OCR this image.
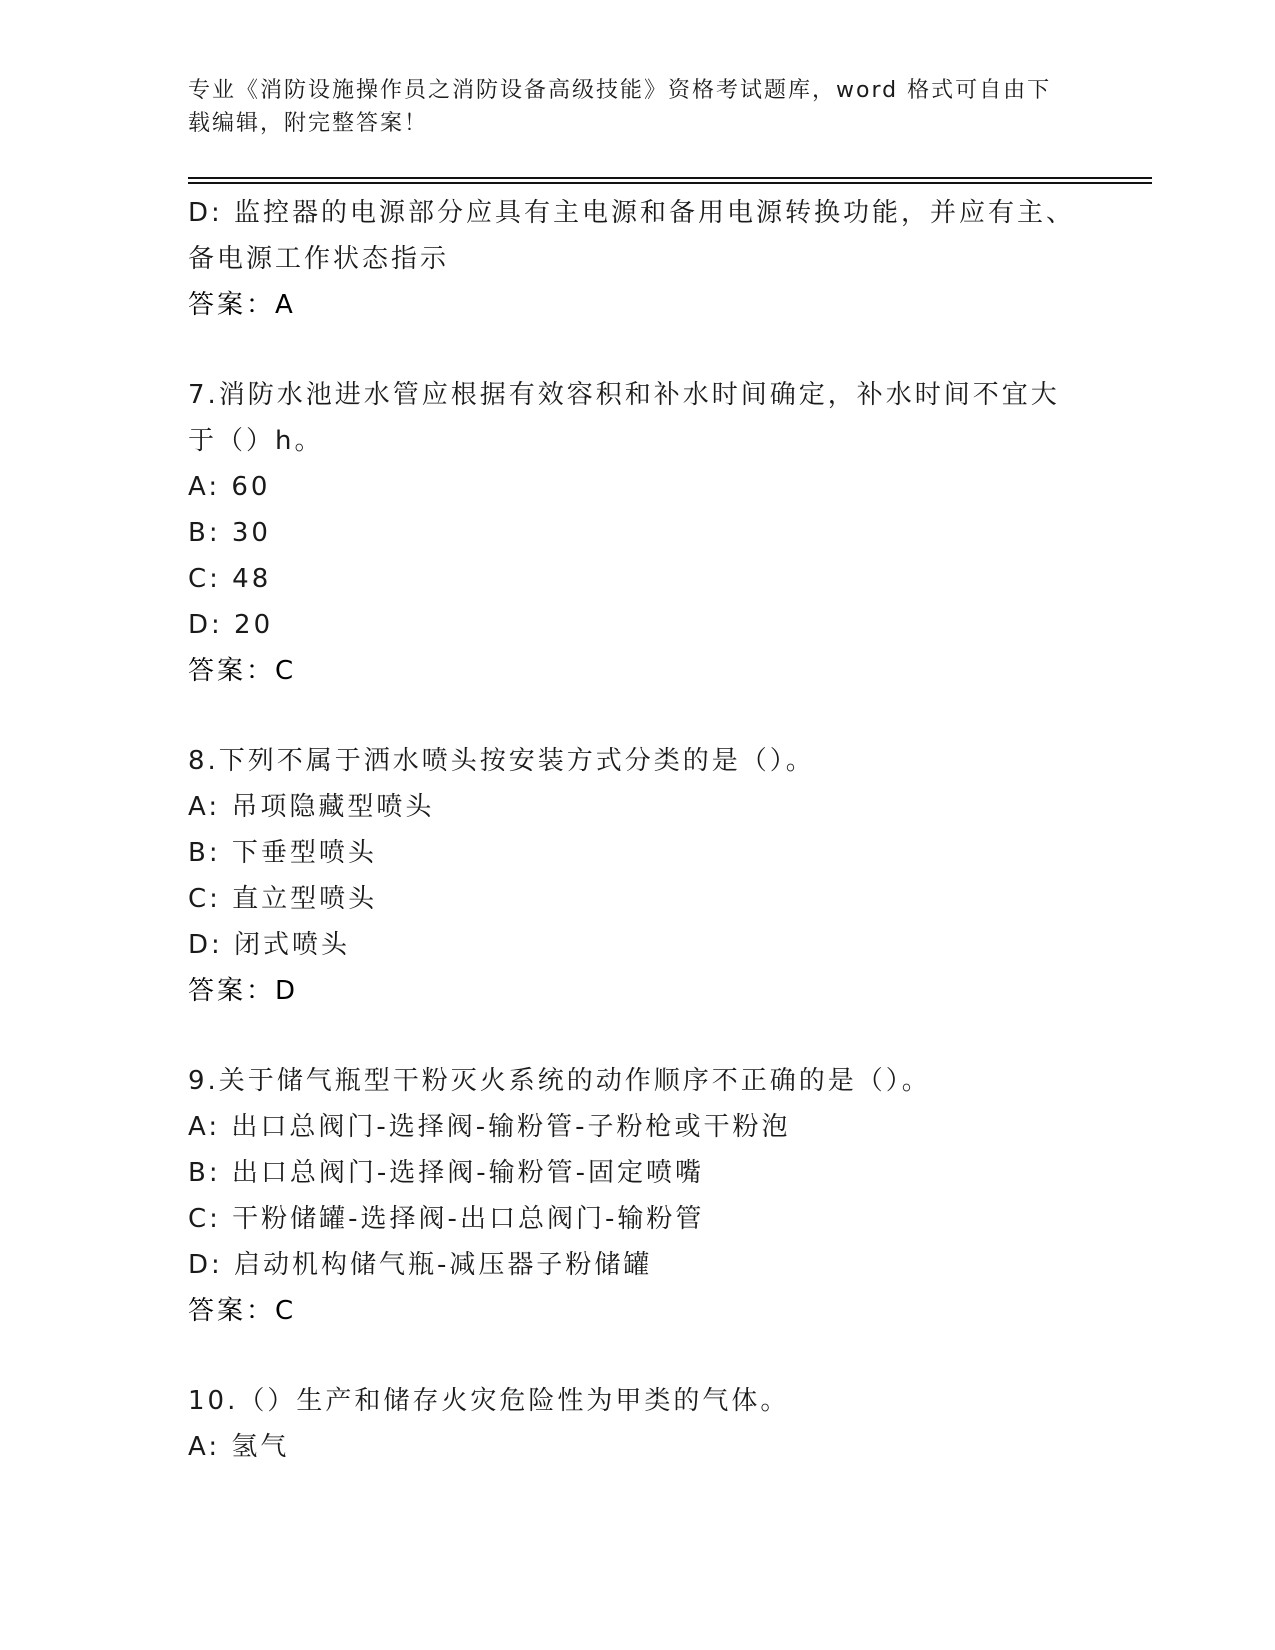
专业《消防设施操作员之消防设备高级技能》资格考试题库，word 格式可自由下
载编辑，附完整答案！
D: 监控器的电源部分应具有主电源和备用电源转换功能，并应有主、
备电源工作状态指示
答案：A
7.消防水池进水管应根据有效容积和补水时间确定，补水时间不宜大
于（）h。
A: 60
B: 30
C: 48
D: 20
答案：C
8.下列不属于洒水喷头按安装方式分类的是（）。
A: 吊项隐藏型喷头
B: 下垂型喷头
C: 直立型喷头
D: 闭式喷头
答案：D
9.关于储气瓶型干粉灭火系统的动作顺序不正确的是（）。
A: 出口总阀门-选择阀-输粉管-子粉枪或干粉泡
B: 出口总阀门-选择阀-输粉管-固定喷嘴
C: 干粉储罐-选择阀-出口总阀门-输粉管
D: 启动机构储气瓶-减压器子粉储罐
答案：C
10.（）生产和储存火灾危险性为甲类的气体。
A: 氢气
